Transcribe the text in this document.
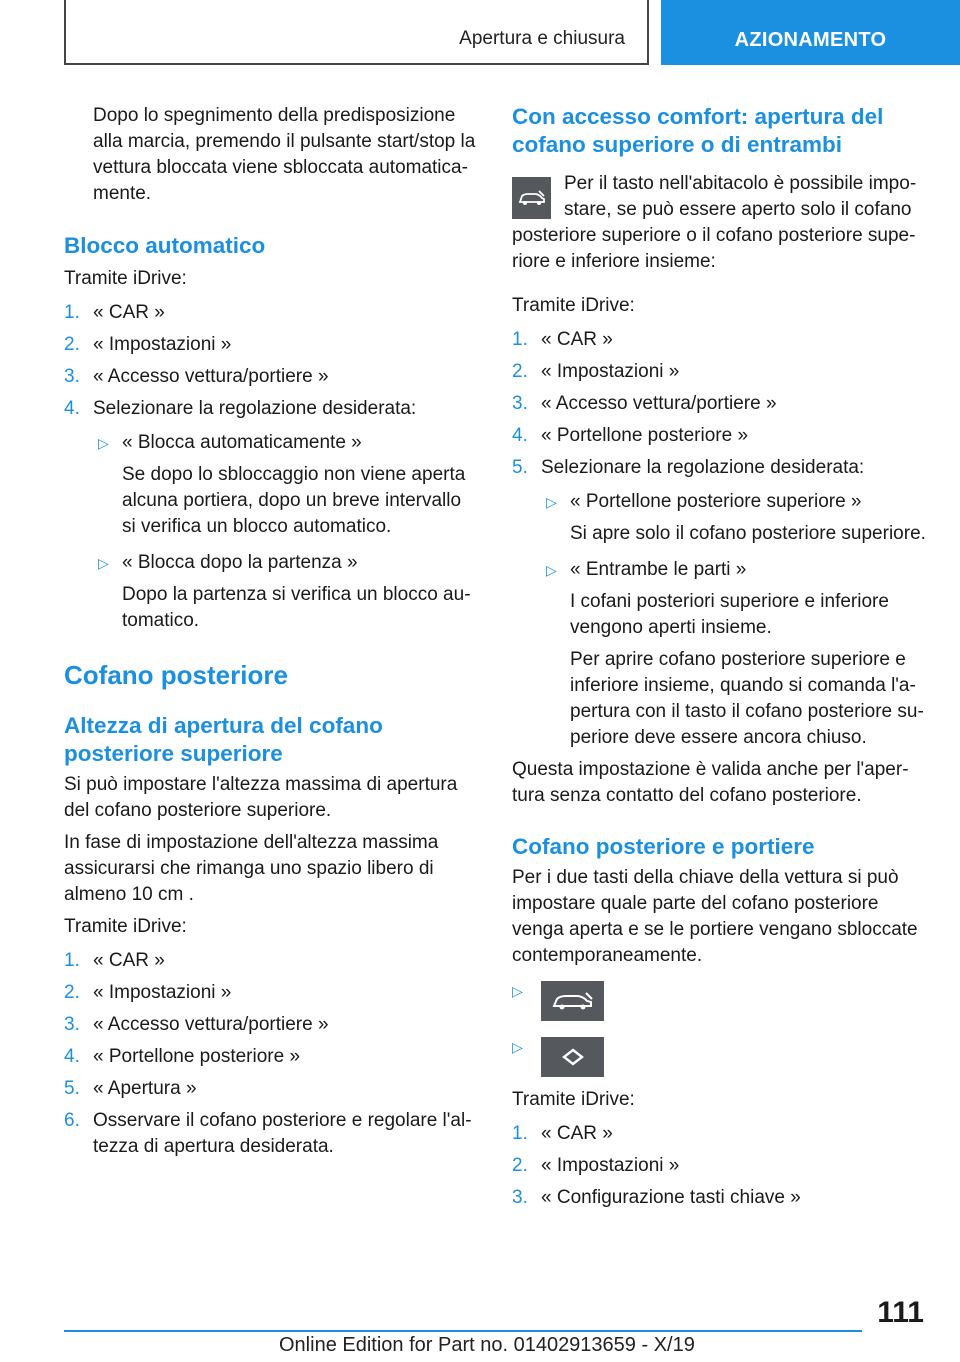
Apertura e chiusura	AZIONAMENTO

Dopo lo spegnimento della predisposizione alla marcia, premendo il pulsante start/stop la vettura bloccata viene sbloccata automaticamente.

Blocco automatico

Tramite iDrive:

1. « CAR »
2. « Impostazioni »
3. « Accesso vettura/portiere »
4. Selezionare la regolazione desiderata:
▷ « Blocca automaticamente »

Se dopo lo sbloccaggio non viene aperta alcuna portiera, dopo un breve intervallo si verifica un blocco automatico.

▷ « Blocca dopo la partenza »

Dopo la partenza si verifica un blocco automatico.

Cofano posteriore
Altezza di apertura del cofano posteriore superiore

Si può impostare l'altezza massima di apertura del cofano posteriore superiore.

In fase di impostazione dell'altezza massima assicurarsi che rimanga uno spazio libero di almeno 10 cm .

Tramite iDrive:

1. « CAR »
2. « Impostazioni »
3. « Accesso vettura/portiere »
4. « Portellone posteriore »
5. « Apertura »
6. Osservare il cofano posteriore e regolare l'altezza di apertura desiderata.
Con accesso comfort: apertura del cofano superiore o di entrambi

Per il tasto nell'abitacolo è possibile impostare, se può essere aperto solo il cofano posteriore superiore o il cofano posteriore superiore e inferiore insieme:

Tramite iDrive:

1. « CAR »
2. « Impostazioni »
3. « Accesso vettura/portiere »
4. « Portellone posteriore »
5. Selezionare la regolazione desiderata:
▷ « Portellone posteriore superiore »

Si apre solo il cofano posteriore superiore.

▷ « Entrambe le parti »

I cofani posteriori superiore e inferiore vengono aperti insieme.

Per aprire cofano posteriore superiore e inferiore insieme, quando si comanda l'apertura con il tasto il cofano posteriore superiore deve essere ancora chiuso.

Questa impostazione è valida anche per l'apertura senza contatto del cofano posteriore.

Cofano posteriore e portiere

Per i due tasti della chiave della vettura si può impostare quale parte del cofano posteriore venga aperta e se le portiere vengano sbloccate contemporaneamente.

▷
▷

Tramite iDrive:

1. « CAR »
2. « Impostazioni »
3. « Configurazione tasti chiave »
111
Online Edition for Part no. 01402913659 - X/19
